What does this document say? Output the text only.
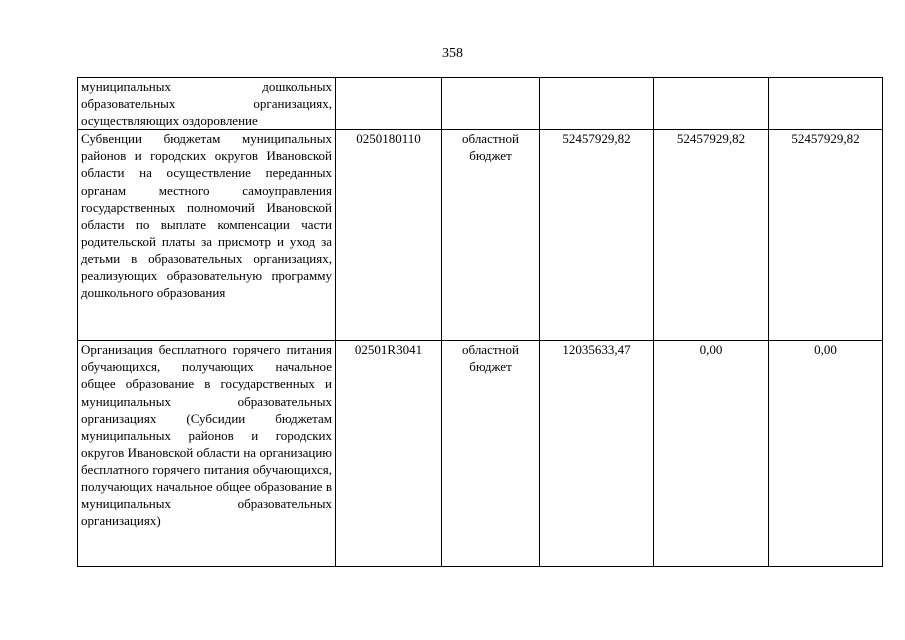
358
муниципальных дошкольных образовательных организациях, осуществляющих оздоровление					
Субвенции бюджетам муниципальных районов и городских округов Ивановской области на осуществление переданных органам местного самоуправления государственных полномочий Ивановской области по выплате компенсации части родительской платы за присмотр и уход за детьми в образовательных организациях, реализующих образовательную программу дошкольного образования	0250180110	областной бюджет	52457929,82	52457929,82	52457929,82
Организация бесплатного горячего питания обучающихся, получающих начальное общее образование в государственных и муниципальных образовательных организациях (Субсидии бюджетам муниципальных районов и городских округов Ивановской области на организацию бесплатного горячего питания обучающихся, получающих начальное общее образование в муниципальных образовательных организациях)	02501R3041	областной бюджет	12035633,47	0,00	0,00
